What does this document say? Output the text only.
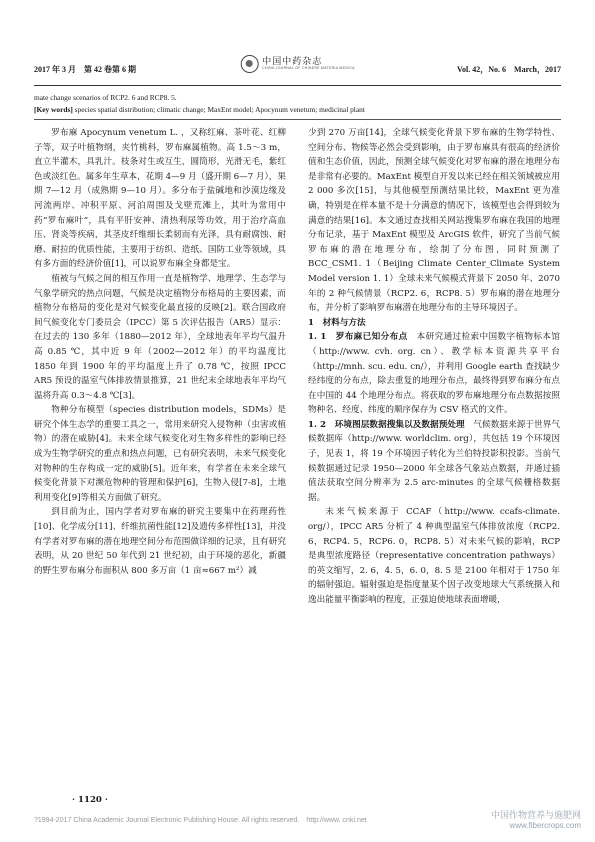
2017 年 3 月　第 42 卷第 6 期
中国中药杂志
CHINA JOURNAL OF CHINESE MATERIA MEDICA	Vol. 42，No. 6　March，2017
mate change scenarios of RCP2. 6 and RCP8. 5.
[Key words] species spatial distribution; climatic change; MaxEnt model; Apocynum venetum; medicinal plant

罗布麻 Apocynum venetum L. ，又称红麻、茶叶花、红柳子等，双子叶植物纲，夹竹桃科，罗布麻属植物。高 1.5～3 m，直立半灌木，具乳汁。枝条对生或互生，圆筒形，光滑无毛，紫红色或淡红色。属多年生草本，花期 4—9 月（盛开期 6—7 月），果期 7—12 月（成熟期 9—10 月）。多分布于盐碱地和沙漠边缘及河流两岸、冲积平原、河泊周围及戈壁荒滩上，其叶为常用中药“罗布麻叶”，具有平肝安神、清热利尿等功效，用于治疗高血压、肾炎等疾病，其茎皮纤维细长柔韧而有光泽，具有耐腐蚀、耐磨、耐拉的优质性能，主要用于纺织、造纸、国防工业等领域，具有多方面的经济价值[1]，可以说罗布麻全身都是宝。

植被与气候之间的相互作用一直是植物学、地理学、生态学与气象学研究的热点问题，气候是决定植物分布格局的主要因素，而植物分布格局的变化是对气候变化最直接的反映[2]。联合国政府间气候变化专门委员会（IPCC）第 5 次评估报告（AR5）显示：在过去的 130 多年（1880—2012 年），全球地表年平均气温升高 0.85 ℃，其中近 9 年（2002—2012 年）的平均温度比 1850 年到 1900 年的平均温度上升了 0.78 ℃，按照 IPCC AR5 预设的温室气体排放情景推算，21 世纪末全球地表年平均气温将升高 0.3～4.8 ℃[3]。

物种分布模型（species distribution models，SDMs）是研究个体生态学的重要工具之一，常用来研究入侵物种（虫害或植物）的潜在威胁[4]。未来全球气候变化对生物多样性的影响已经成为生物学研究的重点和热点问题，已有研究表明，未来气候变化对物种的生存构成一定的威胁[5]。近年来，有学者在未来全球气候变化背景下对濒危物种的管理和保护[6]，生物入侵[7-8]，土地利用变化[9]等相关方面做了研究。

到目前为止，国内学者对罗布麻的研究主要集中在药理药性[10]、化学成分[11]、纤维抗菌性能[12]及遗传多样性[13]，并没有学者对罗布麻的潜在地理空间分布范围做详细的记录，且有研究表明，从 20 世纪 50 年代到 21 世纪初，由于环境的恶化，新疆的野生罗布麻分布面积从 800 多万亩（1 亩≈667 m²）减

少到 270 万亩[14]，全球气候变化背景下罗布麻的生物学特性、空间分布、物候等必然会受到影响，由于罗布麻具有很高的经济价值和生态价值，因此，预测全球气候变化对罗布麻的潜在地理分布是非常有必要的。MaxEnt 模型自开发以来已经在相关领域被应用 2 000 多次[15]，与其他模型预测结果比较，MaxEnt 更为准确，特别是在样本量不是十分满意的情况下，该模型也会得到较为满意的结果[16]。本文通过查找相关网站搜集罗布麻在我国的地理分布记录，基于 MaxEnt 模型及 ArcGIS 软件，研究了当前气候罗布麻的潜在地理分布，绘制了分布图，同时预测了 BCC_CSM1. 1（Beijing Climate Center_Climate System Model version 1. 1）全球未来气候模式背景下 2050 年、2070 年的 2 种气候情景（RCP2. 6，RCP8. 5）罗布麻的潜在地理分布，并分析了影响罗布麻潜在地理分布的主导环境因子。

1　材料与方法

1. 1　罗布麻已知分布点　 本研究通过检索中国数字植物标本馆（http://www. cvh. org. cn）、教学标本资源共享平台（http://mnh. scu. edu. cn/），并利用 Google earth 查找缺少经纬度的分布点，除去重复的地理分布点，最终得到罗布麻分布点在中国的 44 个地理分布点。将获取的罗布麻地理分布点数据按照物种名、经度、纬度的顺序保存为 CSV 格式的文件。

1. 2　环境图层数据搜集以及数据预处理　 气候数据来源于世界气候数据库（http://www. worldclim. org），共包括 19 个环境因子，见表 1，将 19 个环境因子转化为兰伯特投影积投影。当前气候数据通过记录 1950—2000 年全球各气象站点数据，并通过插值法获取空间分辨率为 2.5 arc-minutes 的全球气候栅格数据据。

未来气候来源于 CCAF（http://www. ccafs-climate. org/），IPCC AR5 分析了 4 种典型温室气体排放浓度（RCP2. 6，RCP4. 5，RCP6. 0，RCP8. 5）对未来气候的影响，RCP 是典型浓度路径（representative concentration pathways）的英文缩写，2. 6，4. 5，6. 0，8. 5 是 2100 年相对于 1750 年的辐射强迫。辐射强迫是指度量某个因子改变地球大气系统摄入和逸出能量平衡影响的程度，正强迫使地球表面增暖，

· 1120 ·
?1994-2017 China Academic Journal Electronic Publishing House. All rights reserved.　http://www. cnki.net
中国作物营养与施肥网
www.fibercrops.com
